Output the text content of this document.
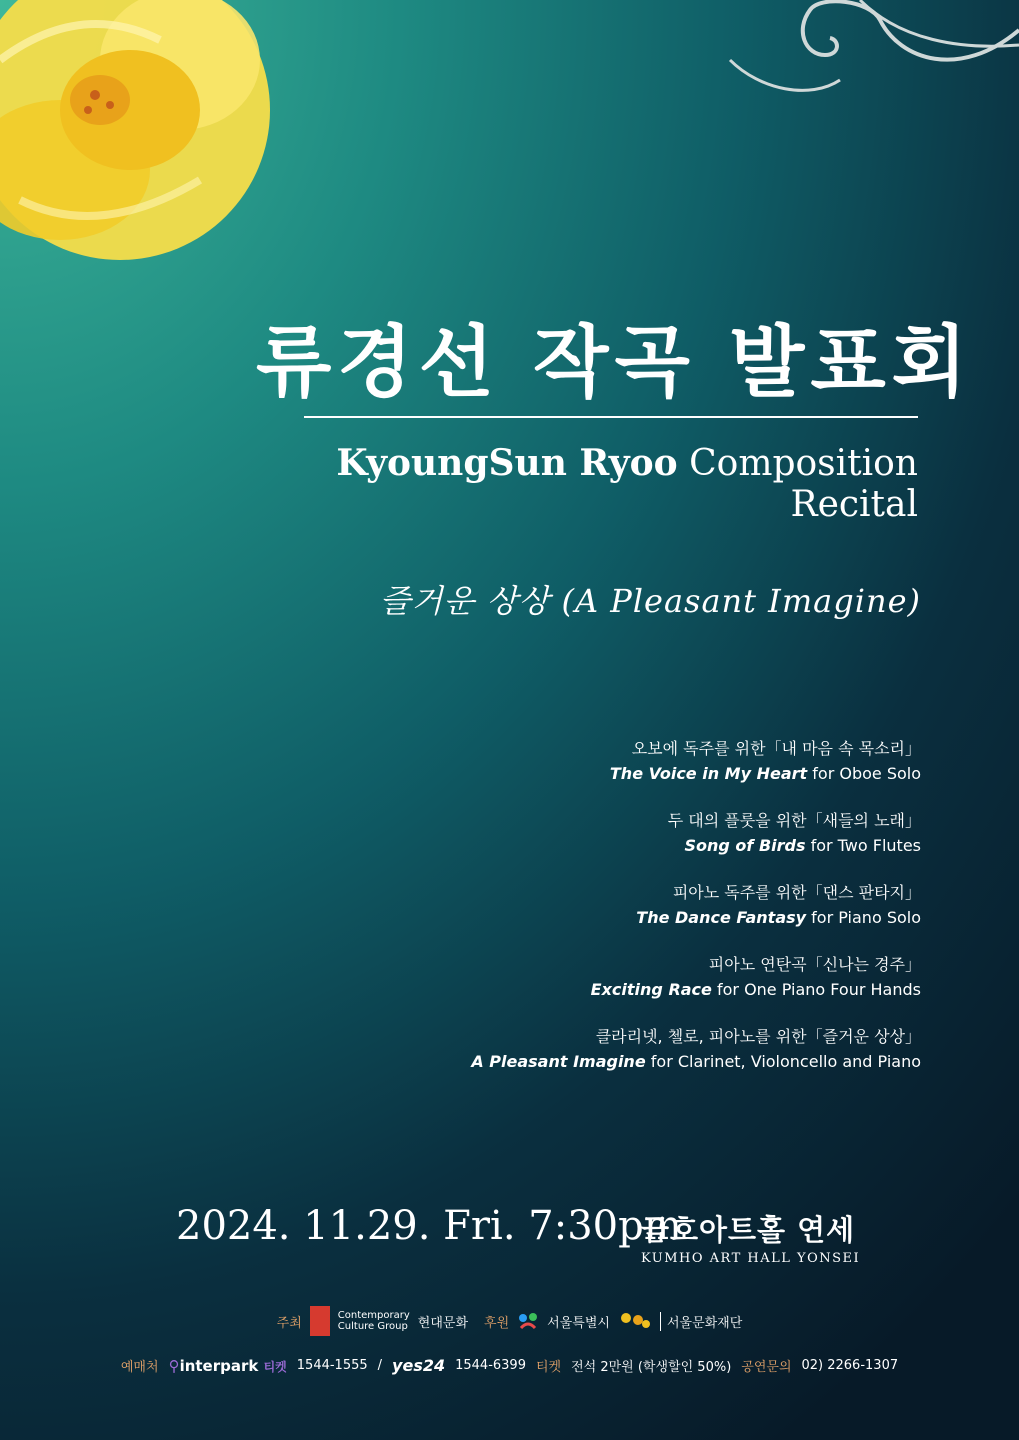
류경선 작곡 발표회
KyoungSun Ryoo Composition Recital
즐거운 상상 (A Pleasant Imagine)
오보에 독주를 위한「내 마음 속 목소리」
The Voice in My Heart for Oboe Solo
두 대의 플룻을 위한「새들의 노래」
Song of Birds for Two Flutes
피아노 독주를 위한「댄스 판타지」
The Dance Fantasy for Piano Solo
피아노 연탄곡「신나는 경주」
Exciting Race for One Piano Four Hands
클라리넷, 첼로, 피아노를 위한「즐거운 상상」
A Pleasant Imagine for Clarinet, Violoncello and Piano
2024. 11.29. Fri. 7:30pm
금호아트홀 연세
KUMHO ART HALL YONSEI
주최	Contemporary
Culture Group 현대문화 후원	서울특별시	서울문화재단
예매처 ⚲interpark 티켓 1544-1555 / yes24 1544-6399 티켓 전석 2만원 (학생할인 50%) 공연문의 02) 2266-1307
